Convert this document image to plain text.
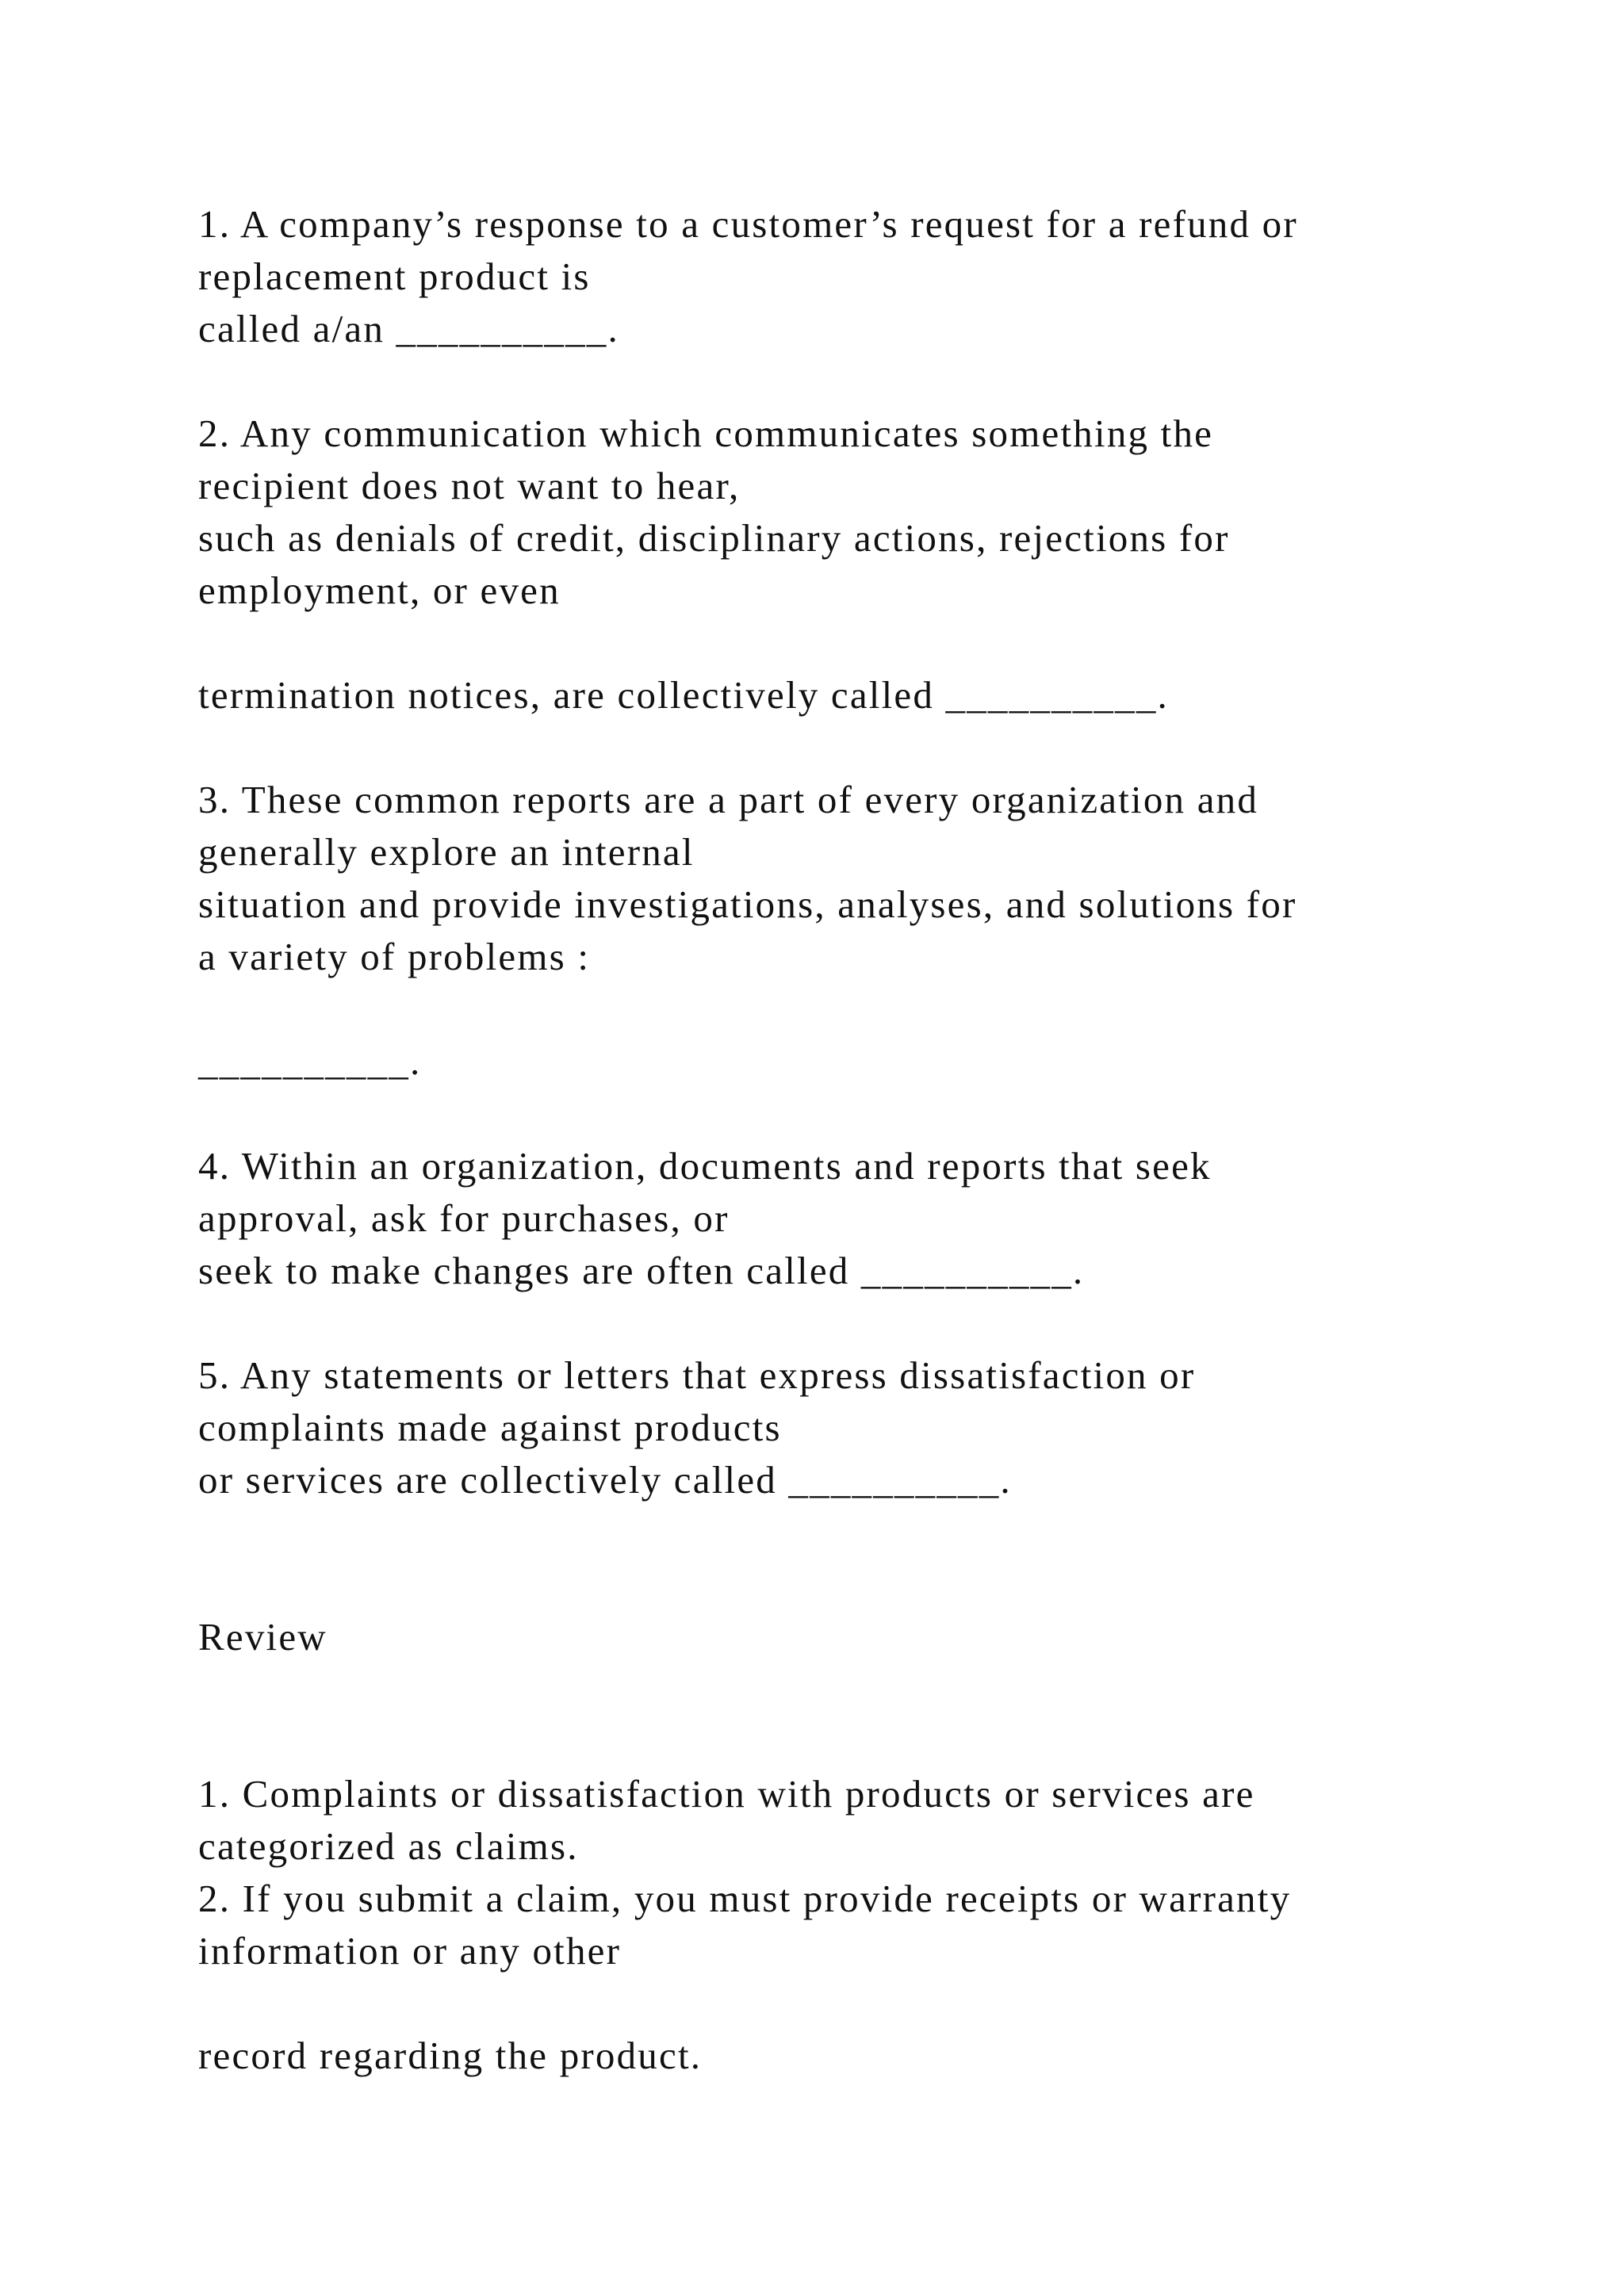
1. A company’s response to a customer’s request for a refund or

replacement product is

called a/an __________.

2. Any communication which communicates something the

recipient does not want to hear,

such as denials of credit, disciplinary actions, rejections for

employment, or even

termination notices, are collectively called __________.

3. These common reports are a part of every organization and

generally explore an internal

situation and provide investigations, analyses, and solutions for

a variety of problems :

__________.

4. Within an organization, documents and reports that seek

approval, ask for purchases, or

seek to make changes are often called __________.

5. Any statements or letters that express dissatisfaction or

complaints made against products

or services are collectively called __________.

Review

1. Complaints or dissatisfaction with products or services are

categorized as claims.

2. If you submit a claim, you must provide receipts or warranty

information or any other

record regarding the product.
